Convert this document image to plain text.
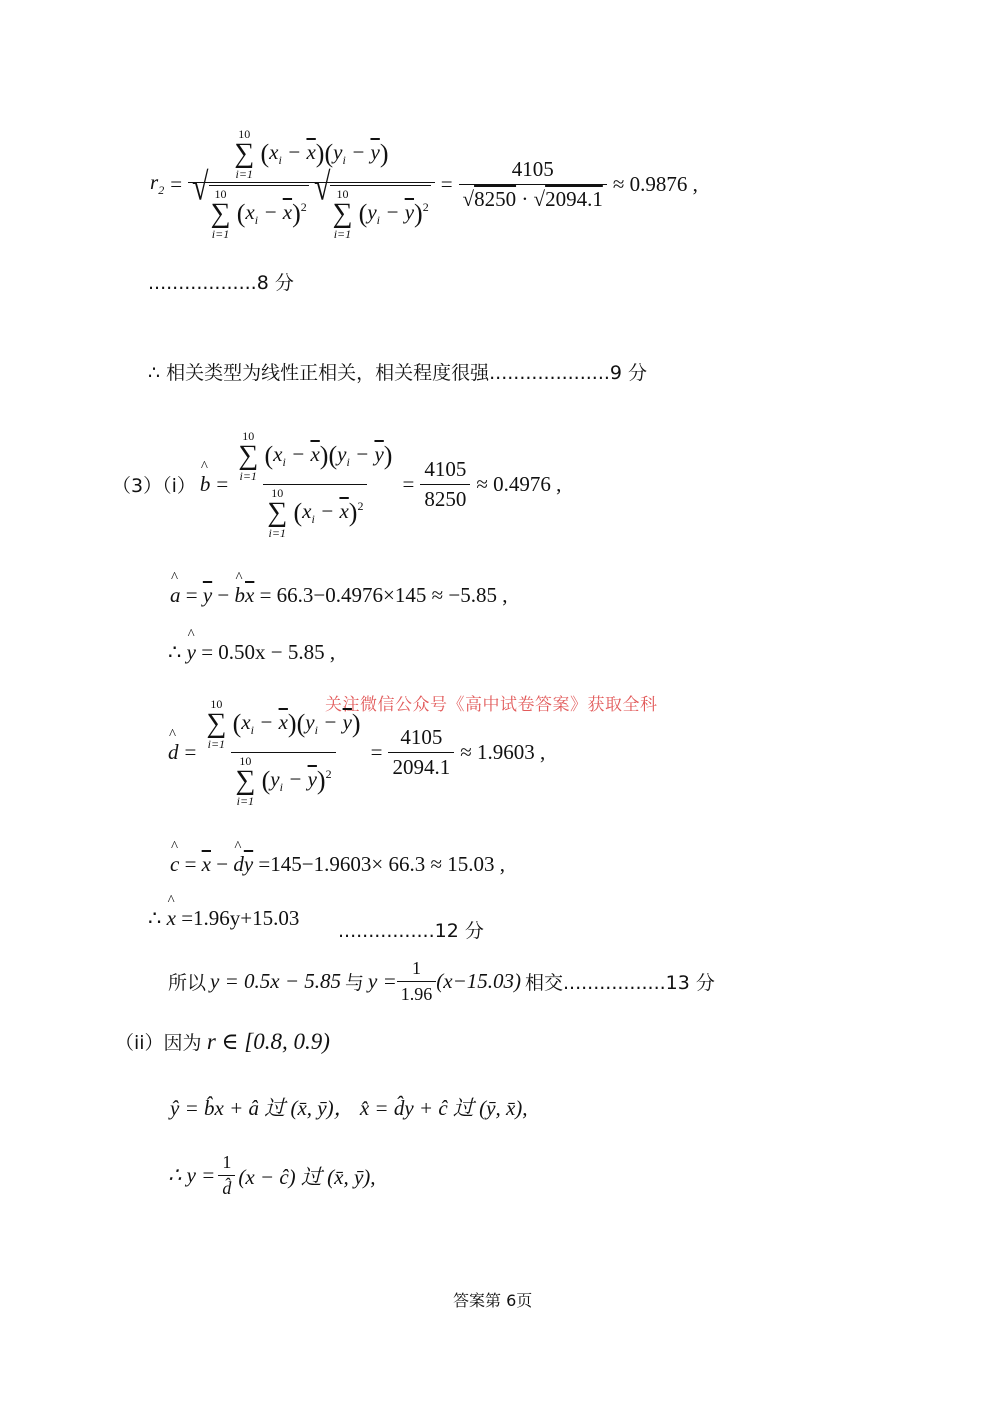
$r_2$ =
10
∑
i=1
$(x_i - \overline{x})(y_i - \overline{y})$
√ 10
∑
i=1
$(x_i - \overline{x})^2$
√ 10
∑
i=1
$(y_i - \overline{y})^2$
= $\frac{4105}{√8250 \cdot √2094.1} \approx 0.9876$ ,
..................8 分
∴ 相关类型为线性正相关，相关程度很强....................9 分
（3）（i） ^ b = 10
∑
i=1
$(x_i - \overline{x})(y_i - \overline{y})$
10
∑
i=1
$(x_i - \overline{x})^2 = \frac{4105}{8250} \approx 0.4976$ ,
^ $a = \overline{y}$ − ^ $b\overline{x} = 66.3-0.4976\times 145 \approx -5.85$ ,
∴ ^ y = 0.50x − 5.85 ,
关注微信公众号《高中试卷答案》获取全科
^ d = 10
∑
i=1
$(x_i - \overline{x})(y_i - \overline{y})$
10
∑
i=1
$(y_i - \overline{y})^2 = \frac{4105}{2094.1} \approx 1.9603$ ,
^ $c = \overline{x}$ − ^ $d\overline{y} =145-1.9603\times 66.3 \approx 15.03$ ,
∴ ^ x =1.96y+15.03
................12 分
所以 y = 0.5x − 5.85 与 $y = \frac{1}{1.96} (x-15.03)$ 相交.................13 分
（ii）因为 r ∈ [0.8, 0.9)
ŷ = b̂x + â 过 (x̄, ȳ)， x̂ = d̂y + ĉ 过 (ȳ, x̄),
∴ $y = \frac{1}{d̂} (x$ − ĉ) 过 (x̄, ȳ),
答案第 6页
